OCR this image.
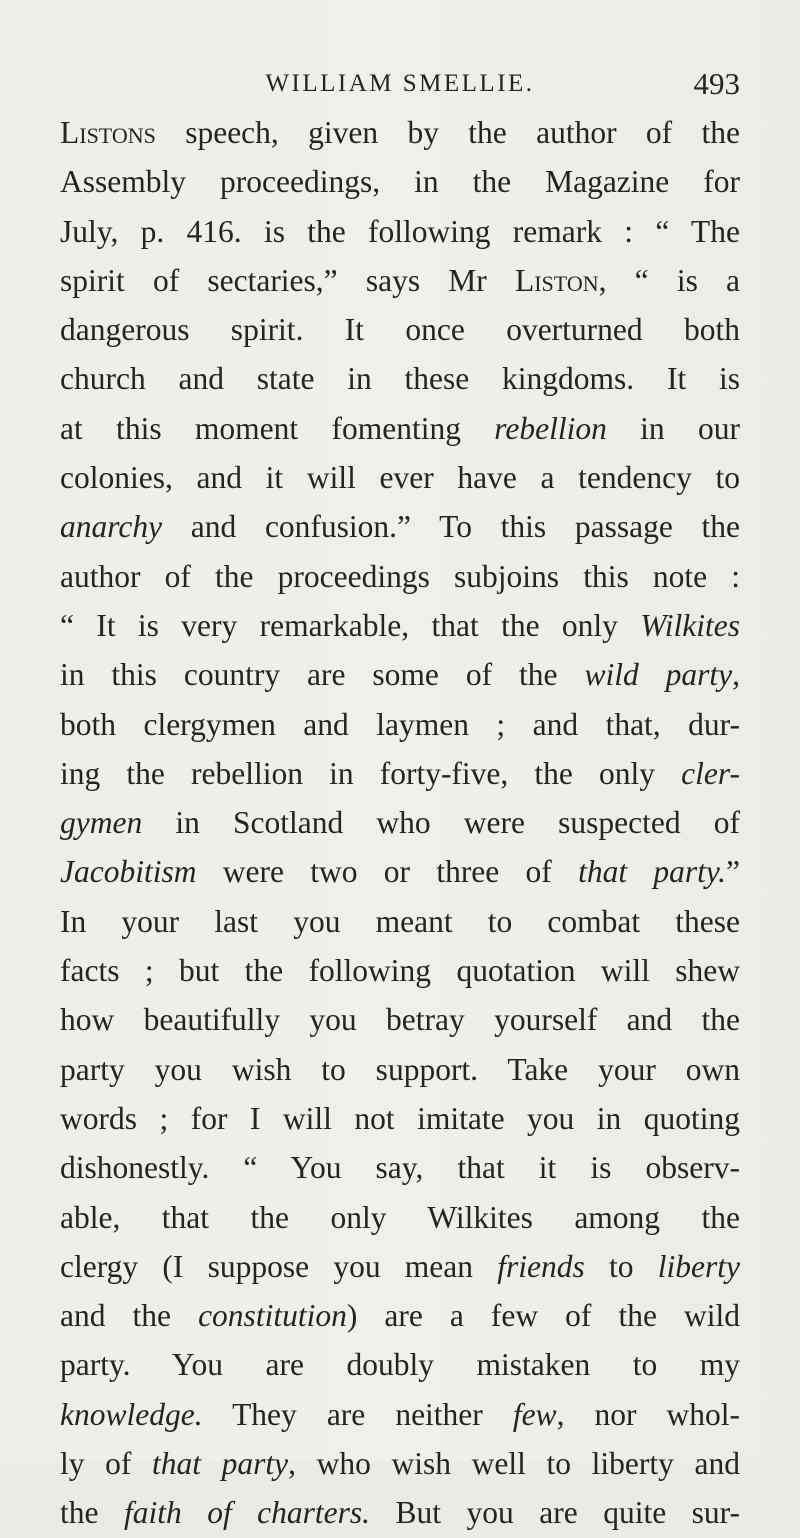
WILLIAM SMELLIE.	493
Listons speech, given by the author of the
Assembly proceedings, in the Magazine for
July, p. 416. is the following remark : “ The
spirit of sectaries,” says Mr Liston, “ is a
dangerous spirit. It once overturned both
church and state in these kingdoms. It is
at this moment fomenting rebellion in our
colonies, and it will ever have a tendency to
anarchy and confusion.” To this passage the
author of the proceedings subjoins this note :
“ It is very remarkable, that the only Wilkites
in this country are some of the wild party,
both clergymen and laymen ; and that, dur-
ing the rebellion in forty-five, the only cler-
gymen in Scotland who were suspected of
Jacobitism were two or three of that party.”
In your last you meant to combat these
facts ; but the following quotation will shew
how beautifully you betray yourself and the
party you wish to support. Take your own
words ; for I will not imitate you in quoting
dishonestly. “ You say, that it is observ-
able, that the only Wilkites among the
clergy (I suppose you mean friends to liberty
and the constitution) are a few of the wild
party. You are doubly mistaken to my
knowledge. They are neither few, nor whol-
ly of that party, who wish well to liberty and
the faith of charters. But you are quite sur-
